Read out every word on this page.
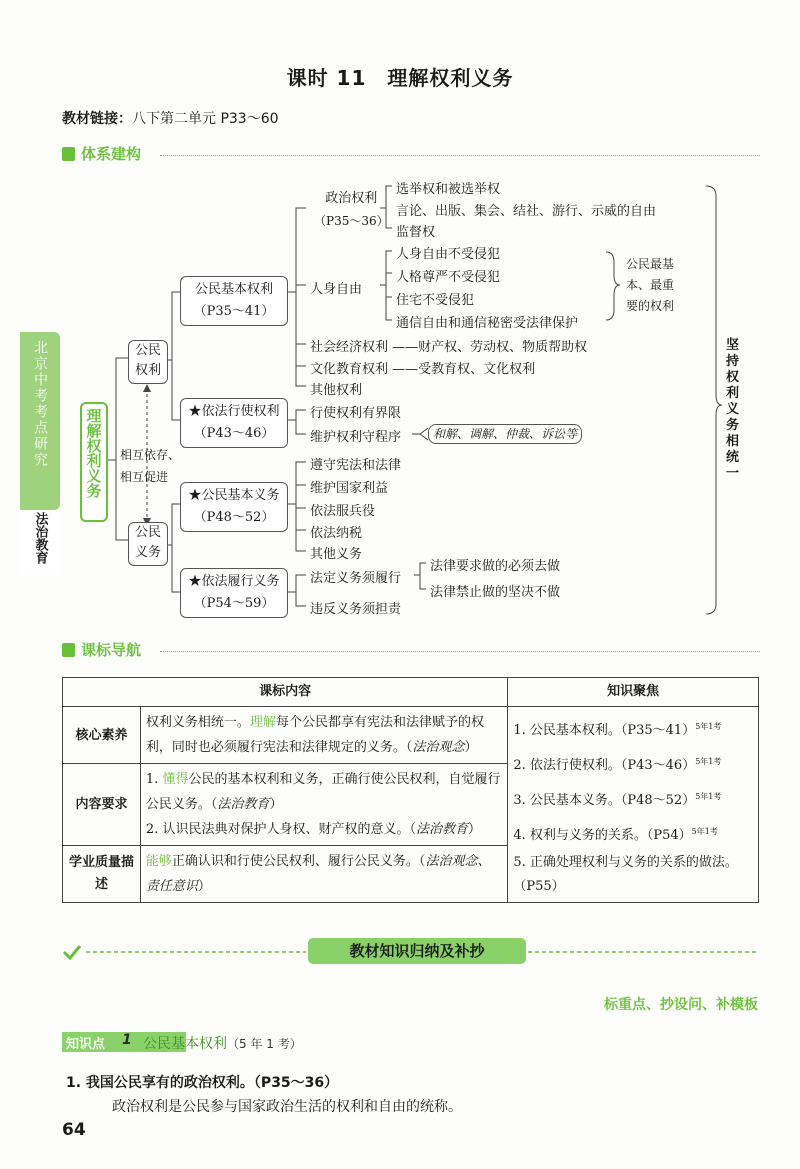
课时 11　理解权利义务
教材链接：八下第二单元 P33～60
体系建构
北京中考考点研究
法治教育
理解权利义务
公民权利
公民义务
相互依存、
相互促进
公民基本权利
（P35～41）
★依法行使权利
（P43～46）
★公民基本义务
（P48～52）
★依法履行义务
（P54～59）
政治权利
（P35～36）
选举权和被选举权
言论、出版、集会、结社、游行、示威的自由
监督权
人身自由
人身自由不受侵犯
人格尊严不受侵犯
住宅不受侵犯
通信自由和通信秘密受法律保护
公民最基
本、最重
要的权利
社会经济权利 ——财产权、劳动权、物质帮助权
文化教育权利 ——受教育权、文化权利
其他权利
行使权利有界限
维护权利守程序	和解、调解、仲裁、诉讼等
遵守宪法和法律
维护国家利益
依法服兵役
依法纳税
其他义务
法定义务须履行
法律要求做的必须去做
法律禁止做的坚决不做
违反义务须担责
坚持权利义务相统一
课标导航
课标内容		知识聚焦
核心素养	权利义务相统一。理解每个公民都享有宪法和法律赋予的权利，同时也必须履行宪法和法律规定的义务。（法治观念）	1. 公民基本权利。（P35～41）$^{5年1考}$
2. 依法行使权利。（P43～46）$^{5年1考}$
3. 公民基本义务。（P48～52）$^{5年1考}$
4. 权利与义务的关系。$(P54)^{5年1考}$
5. 正确处理权利与义务的关系的做法。（P55）

内容要求	1. 懂得公民的基本权利和义务，正确行使公民权利，自觉履行公民义务。（法治教育）
2. 认识民法典对保护人身权、财产权的意义。（法治教育）	

学业质量描述	能够正确认识和行使公民权利、履行公民义务。（法治观念、责任意识）	
教材知识归纳及补抄
标重点、抄设问、补模板
知识点 1 公民基本权利（5 年 1 考）
1. 我国公民享有的政治权利。（P35～36）
政治权利是公民参与国家政治生活的权利和自由的统称。
64
